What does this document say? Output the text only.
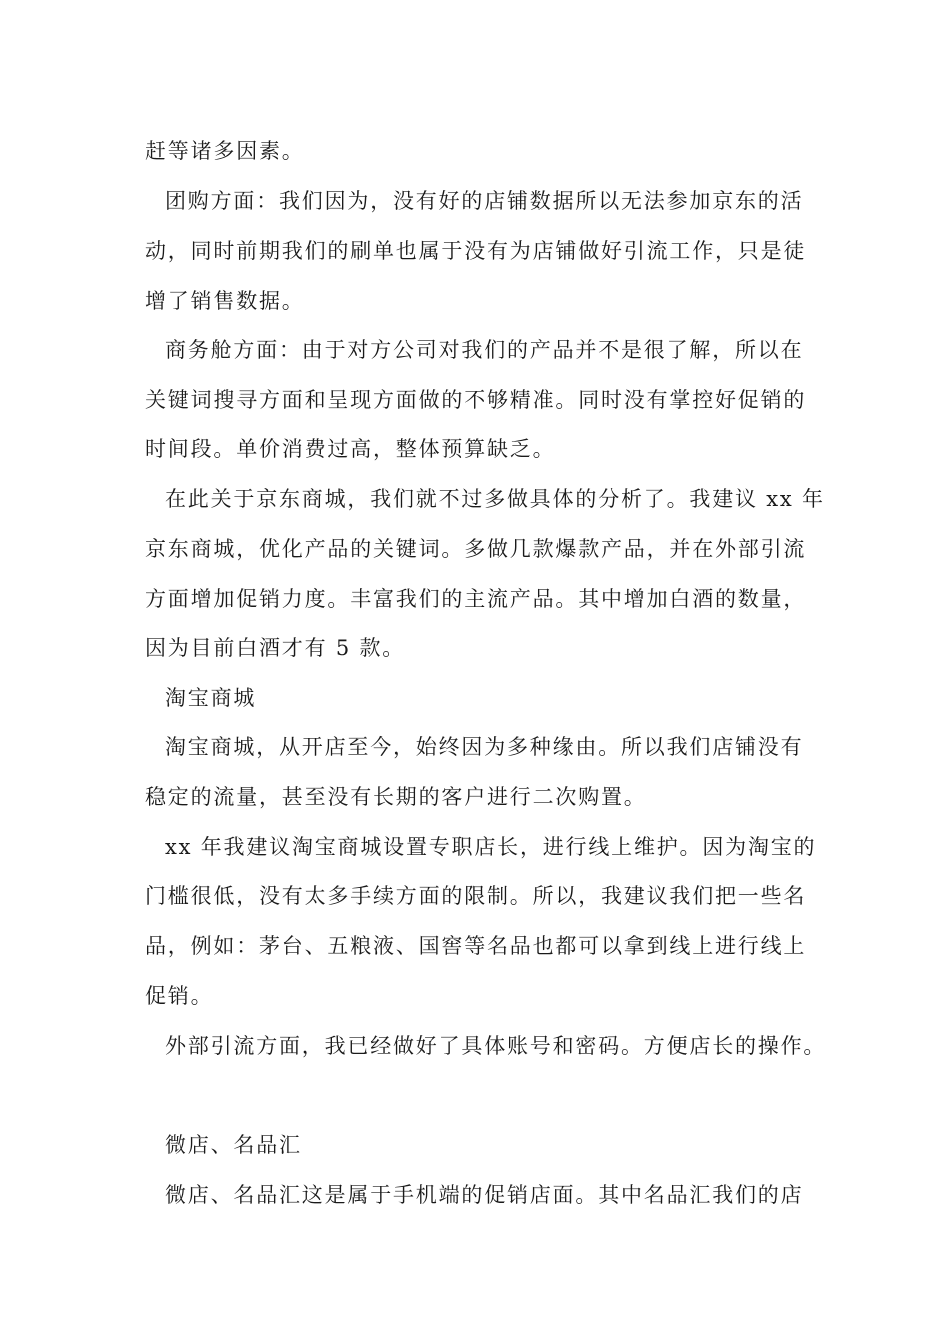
赶等诸多因素。
团购方面：我们因为，没有好的店铺数据所以无法参加京东的活
动，同时前期我们的刷单也属于没有为店铺做好引流工作，只是徒
增了销售数据。
商务舱方面：由于对方公司对我们的产品并不是很了解，所以在
关键词搜寻方面和呈现方面做的不够精准。同时没有掌控好促销的
时间段。单价消费过高，整体预算缺乏。
在此关于京东商城，我们就不过多做具体的分析了。我建议 xx 年
京东商城，优化产品的关键词。多做几款爆款产品，并在外部引流
方面增加促销力度。丰富我们的主流产品。其中增加白酒的数量，
因为目前白酒才有 5 款。
淘宝商城
淘宝商城，从开店至今，始终因为多种缘由。所以我们店铺没有
稳定的流量，甚至没有长期的客户进行二次购置。
xx 年我建议淘宝商城设置专职店长，进行线上维护。因为淘宝的
门槛很低，没有太多手续方面的限制。所以，我建议我们把一些名
品，例如：茅台、五粮液、国窖等名品也都可以拿到线上进行线上
促销。
外部引流方面，我已经做好了具体账号和密码。方便店长的操作。
微店、名品汇
微店、名品汇这是属于手机端的促销店面。其中名品汇我们的店
